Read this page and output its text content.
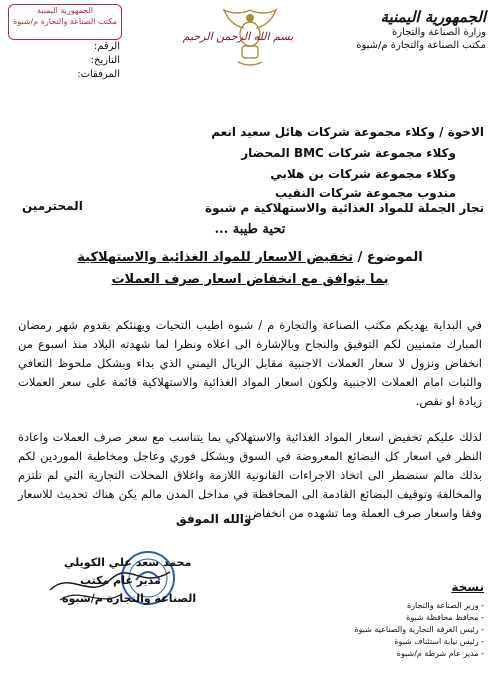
الجمهورية اليمنية
وزارة الصناعة والتجارة
مكتب الصناعة والتجارة م/شبوة
بسم الله الرحمن الرحيم
الجمهورية اليمنية
مكتب الصناعة والتجارة م/شبوة
الرقم:
التاريخ:
المرفقات:
الاخوة / وكلاء مجموعة شركات هائل سعيد انعم
وكلاء مجموعة شركات BMC المحضار
وكلاء مجموعة شركات بن هلابي
مندوب مجموعة شركات النقيب
تجار الجملة للمواد الغذائية والاستهلاكية م شبوة
المحترمين
تحية طيبة ...
الموضوع / تخفيض الاسعار للمواد الغذائية والاستهلاكية
بما يتوافق مع انخفاض اسعار صرف العملات
في البداية يهديكم مكتب الصناعة والتجارة م / شبوه اطيب التحيات ويهنئكم بقدوم شهر رمضان المبارك متمنيين لكم التوفيق والنجاح وبالإشارة الى اعلاه ونظرا لما شهدته البلاد منذ اسبوع من انخفاض ونزول لا سعار العملات الاجنبية مقابل الريال اليمني الذي بداء وبشكل ملحوظ التعافي والثبات امام العملات الاجنبية ولكون اسعار المواد الغذائية والاستهلاكية قائمة على سعر العملات زيادة او نقص.
لذلك عليكم تخفيض اسعار المواد الغذائية والاستهلاكي بما يتناسب مع سعر صرف العملات واعادة النظر في اسعار كل البضائع المعروضة في السوق وبشكل فوري وعاجل ومخاطبة الموردين لكم بذلك مالم سنضطر الى اتخاذ الاجراءات القانونية اللازمة واغلاق المحلات التجارية التي لم تلتزم والمخالفة وتوقيف البضائع القادمة الى المحافظة في مداخل المدن مالم يكن هناك تحديث للاسعار وفقا واسعار صرف العملة وما تشهده من انخفاض.
والله الموفق
محمد سعد علي الكويلي
مدير عام مكتب
الصناعة والتجارة م/شبوة
نسخة
- وزير الصناعة والتجارة
- محافظ محافظة شبوة
- رئيس الغرفة التجارية والصناعية شبوة
- رئيس نيابة استئناف شبوة
- مدير عام شرطة م/شبوة
